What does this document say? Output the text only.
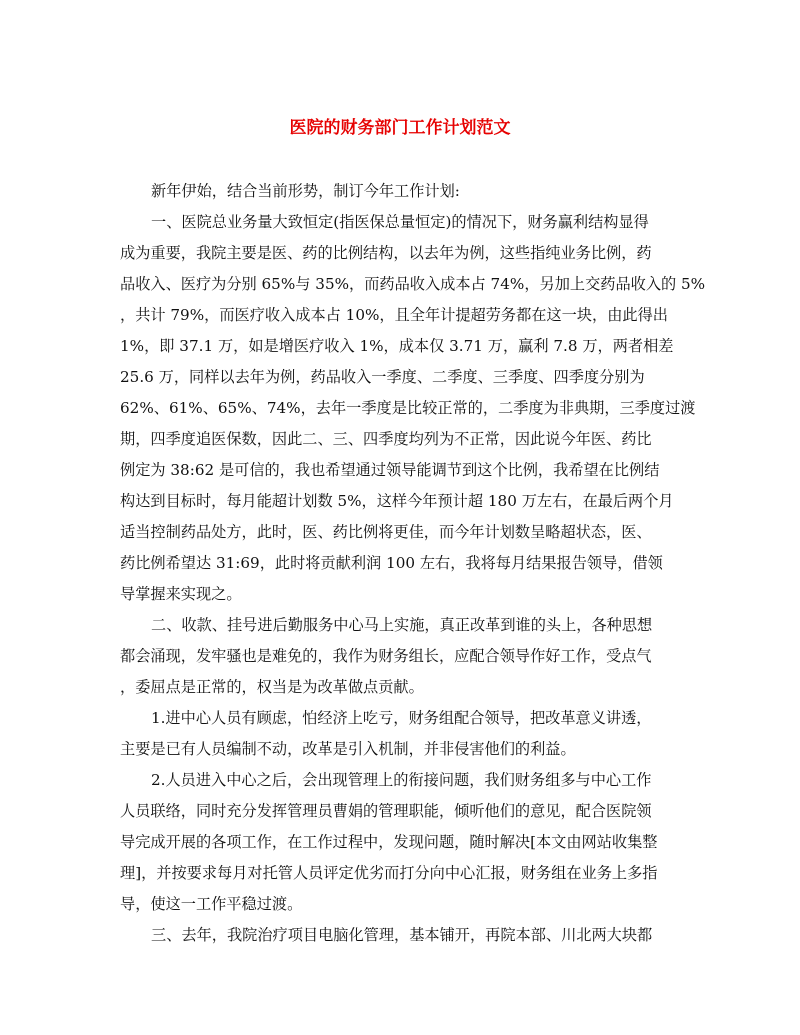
医院的财务部门工作计划范文
新年伊始，结合当前形势，制订今年工作计划:
一、医院总业务量大致恒定(指医保总量恒定)的情况下，财务赢利结构显得
成为重要，我院主要是医、药的比例结构，以去年为例，这些指纯业务比例，药
品收入、医疗为分别 65%与 35%，而药品收入成本占 74%，另加上交药品收入的 5%
，共计 79%，而医疗收入成本占 10%，且全年计提超劳务都在这一块，由此得出
1%，即 37.1 万，如是增医疗收入 1%，成本仅 3.71 万，赢利 7.8 万，两者相差
25.6 万，同样以去年为例，药品收入一季度、二季度、三季度、四季度分别为
62%、61%、65%、74%，去年一季度是比较正常的，二季度为非典期，三季度过渡
期，四季度追医保数，因此二、三、四季度均列为不正常，因此说今年医、药比
例定为 38:62 是可信的，我也希望通过领导能调节到这个比例，我希望在比例结
构达到目标时，每月能超计划数 5%，这样今年预计超 180 万左右，在最后两个月
适当控制药品处方，此时，医、药比例将更佳，而今年计划数呈略超状态，医、
药比例希望达 31:69，此时将贡献利润 100 左右，我将每月结果报告领导，借领
导掌握来实现之。
二、收款、挂号进后勤服务中心马上实施，真正改革到谁的头上，各种思想
都会涌现，发牢骚也是难免的，我作为财务组长，应配合领导作好工作，受点气
，委屈点是正常的，权当是为改革做点贡献。
1.进中心人员有顾虑，怕经济上吃亏，财务组配合领导，把改革意义讲透，
主要是已有人员编制不动，改革是引入机制，并非侵害他们的利益。
2.人员进入中心之后，会出现管理上的衔接问题，我们财务组多与中心工作
人员联络，同时充分发挥管理员曹娟的管理职能，倾听他们的意见，配合医院领
导完成开展的各项工作，在工作过程中，发现问题，随时解决[本文由网站收集整
理]，并按要求每月对托管人员评定优劣而打分向中心汇报，财务组在业务上多指
导，使这一工作平稳过渡。
三、去年，我院治疗项目电脑化管理，基本铺开，再院本部、川北两大块都
